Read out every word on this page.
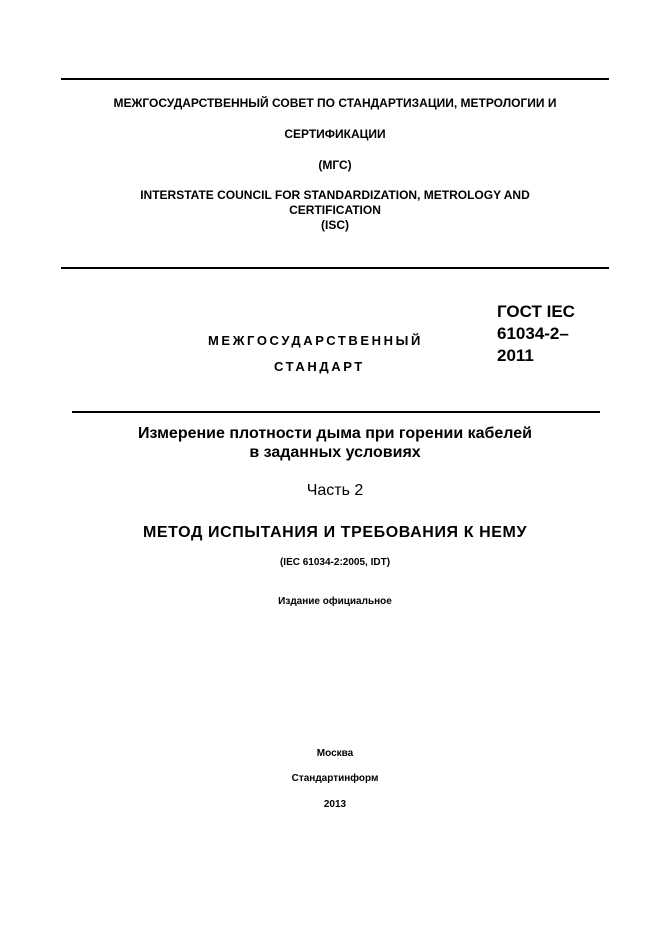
МЕЖГОСУДАРСТВЕННЫЙ СОВЕТ ПО СТАНДАРТИЗАЦИИ, МЕТРОЛОГИИ И
СЕРТИФИКАЦИИ
(МГС)
INTERSTATE COUNCIL FOR STANDARDIZATION, METROLOGY AND
CERTIFICATION
(ISC)
МЕЖГОСУДАРСТВЕННЫЙ
СТАНДАРТ
ГОСТ IEC
61034-2–
2011
Измерение плотности дыма при горении кабелей
в заданных условиях
Часть 2
МЕТОД ИСПЫТАНИЯ И ТРЕБОВАНИЯ К НЕМУ
(IEC 61034-2:2005, IDT)
Издание официальное
Москва
Стандартинформ
2013
